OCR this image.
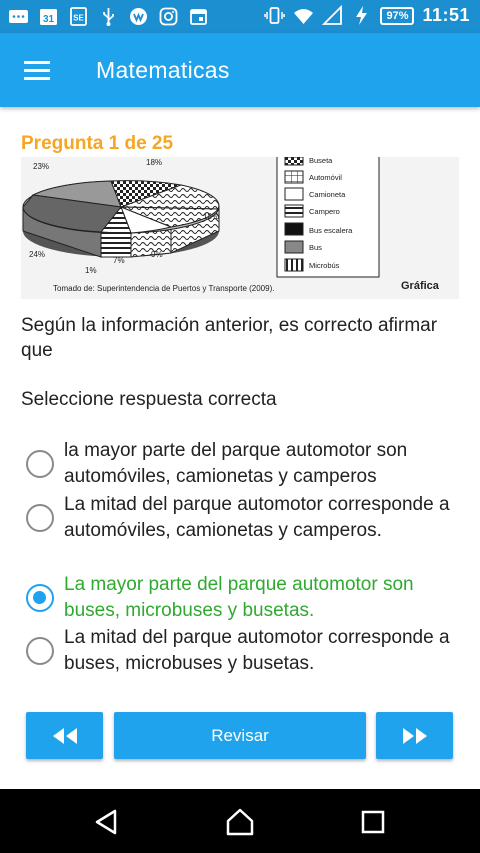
31 SE	97 % 11:51
Matematicas
Pregunta 1 de 25
23%	18%
18%
24%
1%
7%
9%
Buseta
Automóvil
Camioneta
Campero
Bus escalera
Bus
Microbús
Tomado de: Superintendencia de Puertos y Transporte (2009).	Gráfica
Según la información anterior, es correcto afirmar que
Seleccione respuesta correcta
la mayor parte del parque automotor son automóviles, camionetas y camperos
La mitad del parque automotor corresponde a automóviles, camionetas y camperos.
La mayor parte del parque automotor son buses, microbuses y busetas.
La mitad del parque automotor corresponde a buses, microbuses y busetas.
Revisar
